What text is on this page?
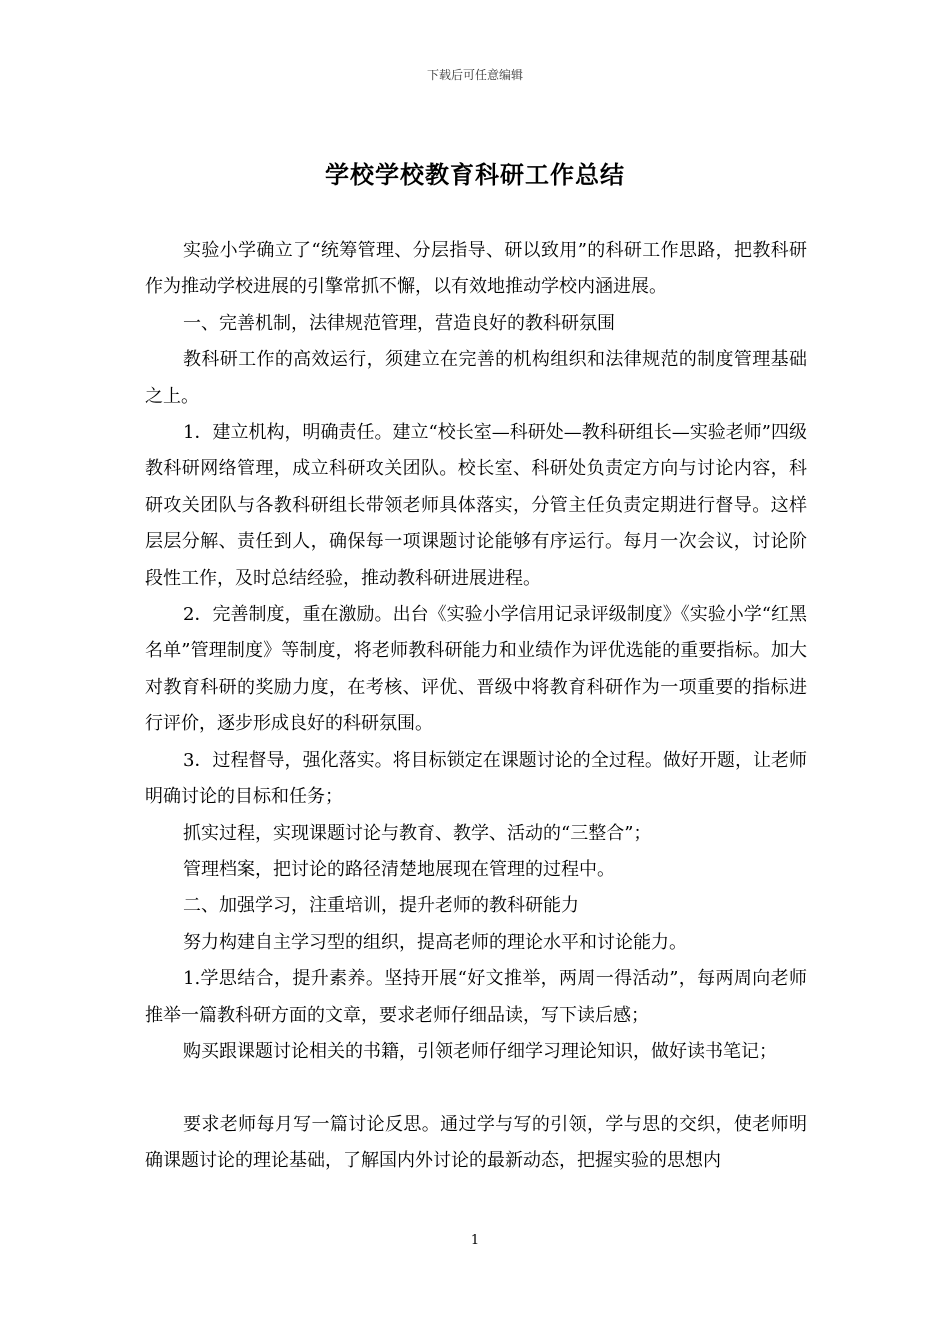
下载后可任意编辑
学校学校教育科研工作总结

实验小学确立了“统筹管理、分层指导、研以致用”的科研工作思路，把教科研作为推动学校进展的引擎常抓不懈，以有效地推动学校内涵进展。

一、完善机制，法律规范管理，营造良好的教科研氛围

教科研工作的高效运行，须建立在完善的机构组织和法律规范的制度管理基础之上。

1．建立机构，明确责任。建立“校长室—科研处—教科研组长—实验老师”四级教科研网络管理，成立科研攻关团队。校长室、科研处负责定方向与讨论内容，科研攻关团队与各教科研组长带领老师具体落实，分管主任负责定期进行督导。这样层层分解、责任到人，确保每一项课题讨论能够有序运行。每月一次会议，讨论阶段性工作，及时总结经验，推动教科研进展进程。

2．完善制度，重在激励。出台《实验小学信用记录评级制度》《实验小学“红黑名单”管理制度》等制度，将老师教科研能力和业绩作为评优选能的重要指标。加大对教育科研的奖励力度，在考核、评优、晋级中将教育科研作为一项重要的指标进行评价，逐步形成良好的科研氛围。

3．过程督导，强化落实。将目标锁定在课题讨论的全过程。做好开题，让老师明确讨论的目标和任务；

抓实过程，实现课题讨论与教育、教学、活动的“三整合”；

管理档案，把讨论的路径清楚地展现在管理的过程中。

二、加强学习，注重培训，提升老师的教科研能力

努力构建自主学习型的组织，提高老师的理论水平和讨论能力。

1.学思结合，提升素养。坚持开展“好文推举，两周一得活动”，每两周向老师推举一篇教科研方面的文章，要求老师仔细品读，写下读后感；

购买跟课题讨论相关的书籍，引领老师仔细学习理论知识，做好读书笔记；

要求老师每月写一篇讨论反思。通过学与写的引领，学与思的交织，使老师明确课题讨论的理论基础，了解国内外讨论的最新动态，把握实验的思想内

1
